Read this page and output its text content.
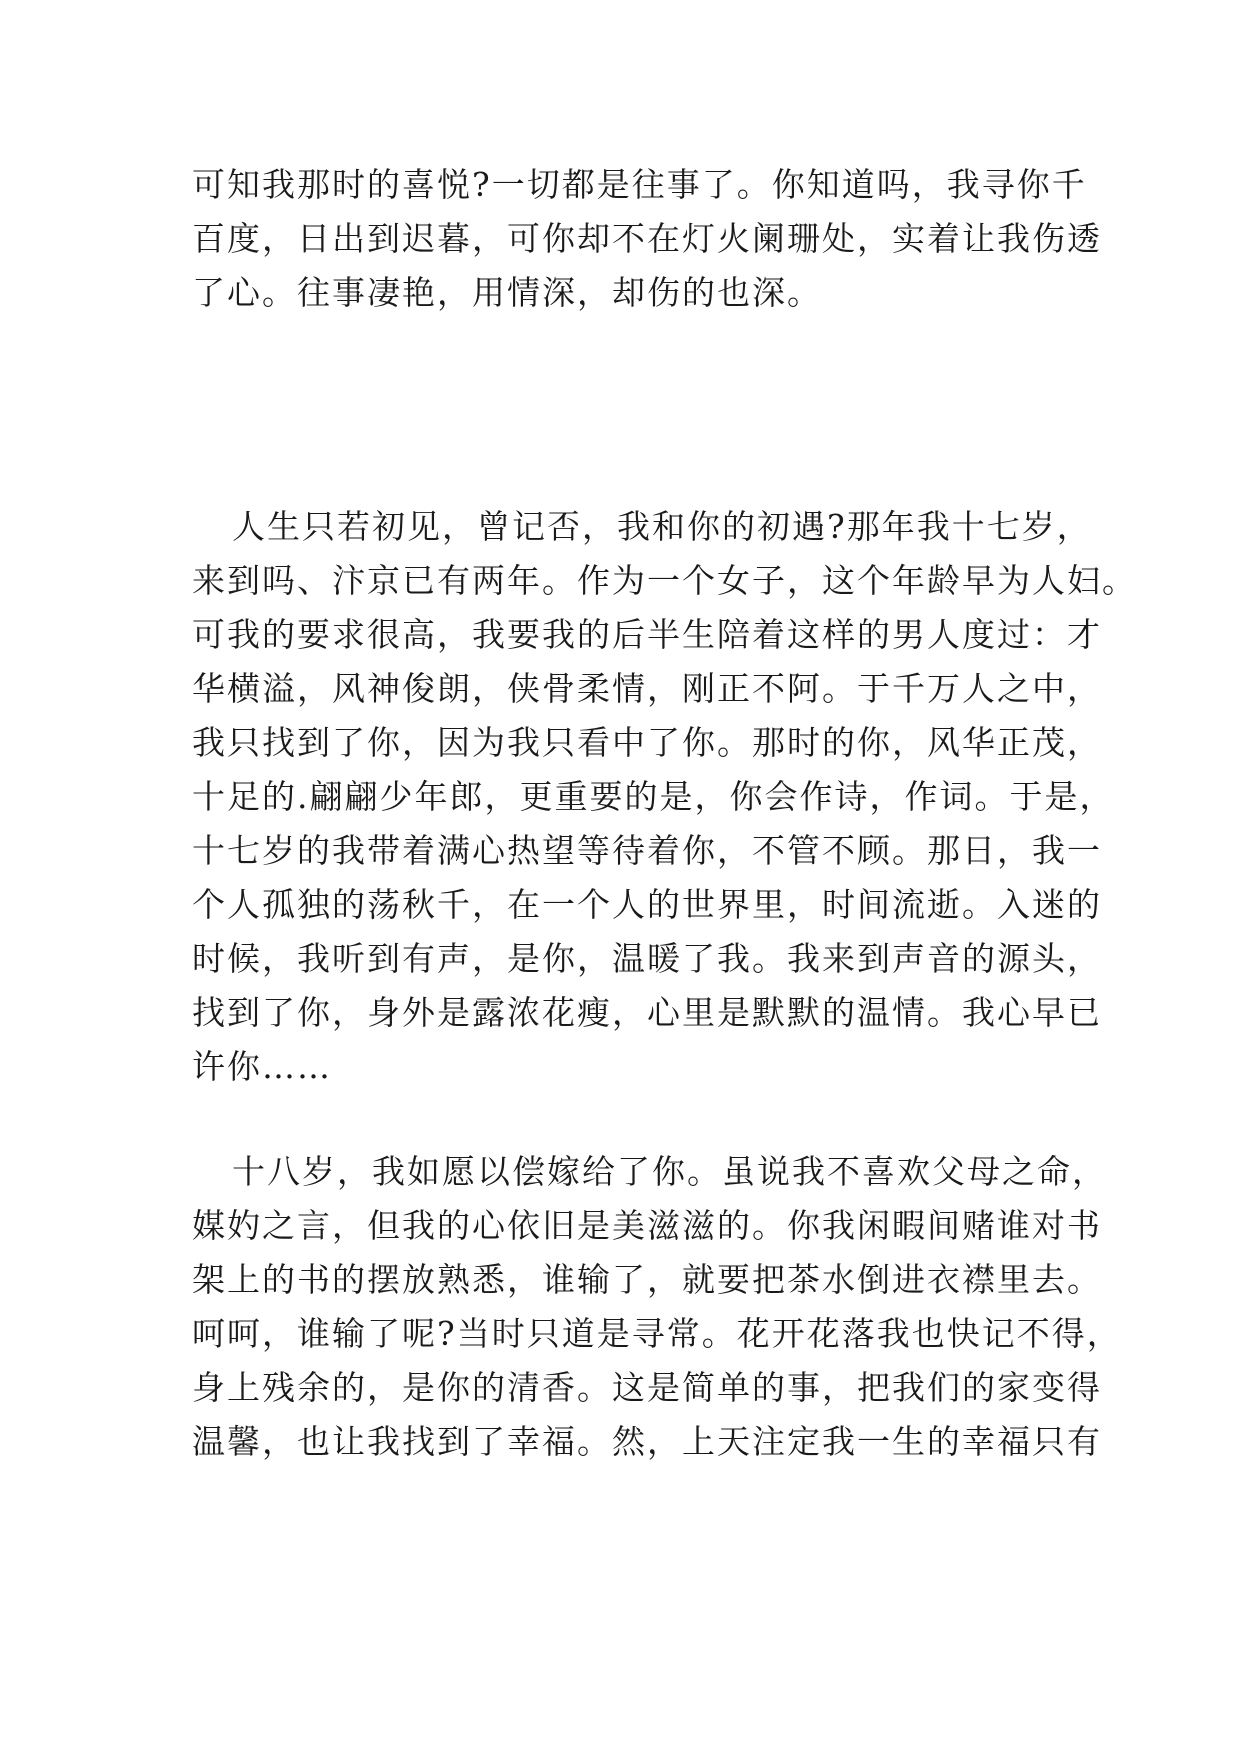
可知我那时的喜悦?一切都是往事了。你知道吗，我寻你千
百度，日出到迟暮，可你却不在灯火阑珊处，实着让我伤透
了心。往事凄艳，用情深，却伤的也深。
人生只若初见，曾记否，我和你的初遇?那年我十七岁，
来到吗、汴京已有两年。作为一个女子，这个年龄早为人妇。
可我的要求很高，我要我的后半生陪着这样的男人度过：才
华横溢，风神俊朗，侠骨柔情，刚正不阿。于千万人之中，
我只找到了你，因为我只看中了你。那时的你，风华正茂，
十足的.翩翩少年郎，更重要的是，你会作诗，作词。于是，
十七岁的我带着满心热望等待着你，不管不顾。那日，我一
个人孤独的荡秋千，在一个人的世界里，时间流逝。入迷的
时候，我听到有声，是你，温暖了我。我来到声音的源头，
找到了你，身外是露浓花瘦，心里是默默的温情。我心早已
许你……
十八岁，我如愿以偿嫁给了你。虽说我不喜欢父母之命，
媒妁之言，但我的心依旧是美滋滋的。你我闲暇间赌谁对书
架上的书的摆放熟悉，谁输了，就要把茶水倒进衣襟里去。
呵呵，谁输了呢?当时只道是寻常。花开花落我也快记不得，
身上残余的，是你的清香。这是简单的事，把我们的家变得
温馨，也让我找到了幸福。然，上天注定我一生的幸福只有
